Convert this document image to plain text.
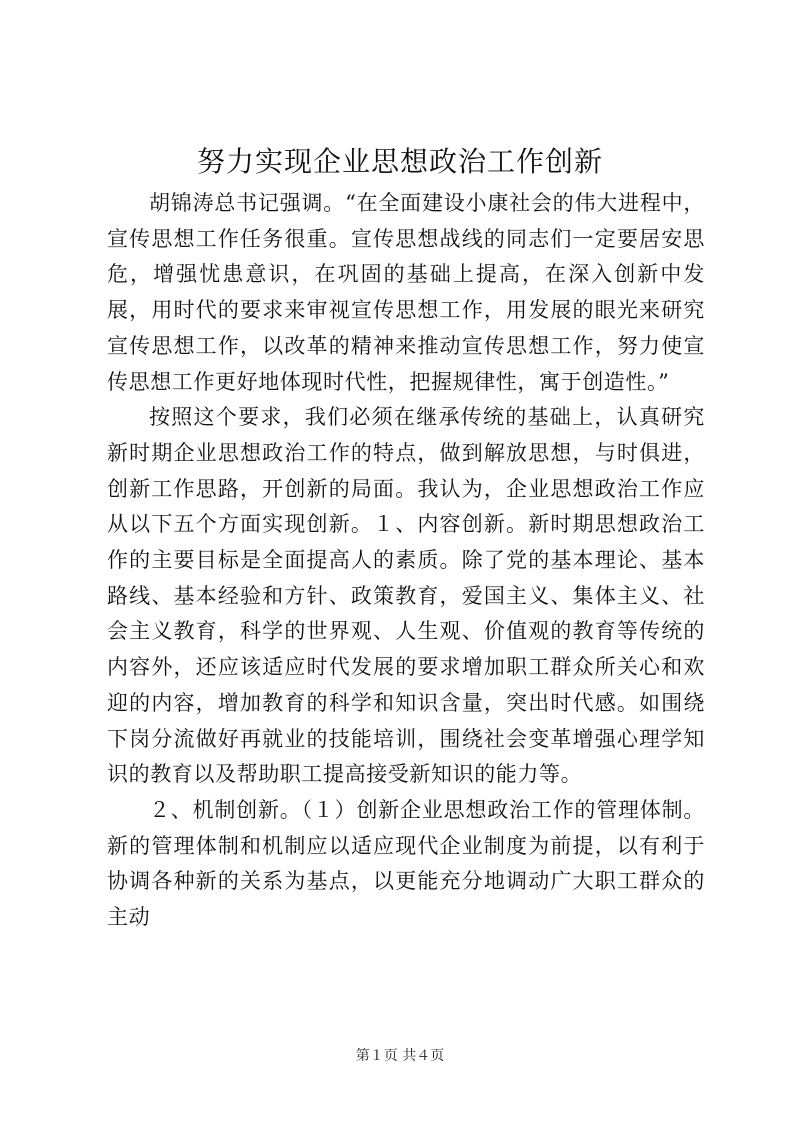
努力实现企业思想政治工作创新

胡锦涛总书记强调。“在全面建设小康社会的伟大进程中，宣传思想工作任务很重。宣传思想战线的同志们一定要居安思危，增强忧患意识，在巩固的基础上提高，在深入创新中发展，用时代的要求来审视宣传思想工作，用发展的眼光来研究宣传思想工作，以改革的精神来推动宣传思想工作，努力使宣传思想工作更好地体现时代性，把握规律性，寓于创造性。”

按照这个要求，我们必须在继承传统的基础上，认真研究新时期企业思想政治工作的特点，做到解放思想，与时俱进，创新工作思路，开创新的局面。我认为，企业思想政治工作应从以下五个方面实现创新。１、内容创新。新时期思想政治工作的主要目标是全面提高人的素质。除了党的基本理论、基本路线、基本经验和方针、政策教育，爱国主义、集体主义、社会主义教育，科学的世界观、人生观、价值观的教育等传统的内容外，还应该适应时代发展的要求增加职工群众所关心和欢迎的内容，增加教育的科学和知识含量，突出时代感。如围绕下岗分流做好再就业的技能培训，围绕社会变革增强心理学知识的教育以及帮助职工提高接受新知识的能力等。

２、机制创新。（１）创新企业思想政治工作的管理体制。新的管理体制和机制应以适应现代企业制度为前提，以有利于协调各种新的关系为基点，以更能充分地调动广大职工群众的主动

第１页 共４页
